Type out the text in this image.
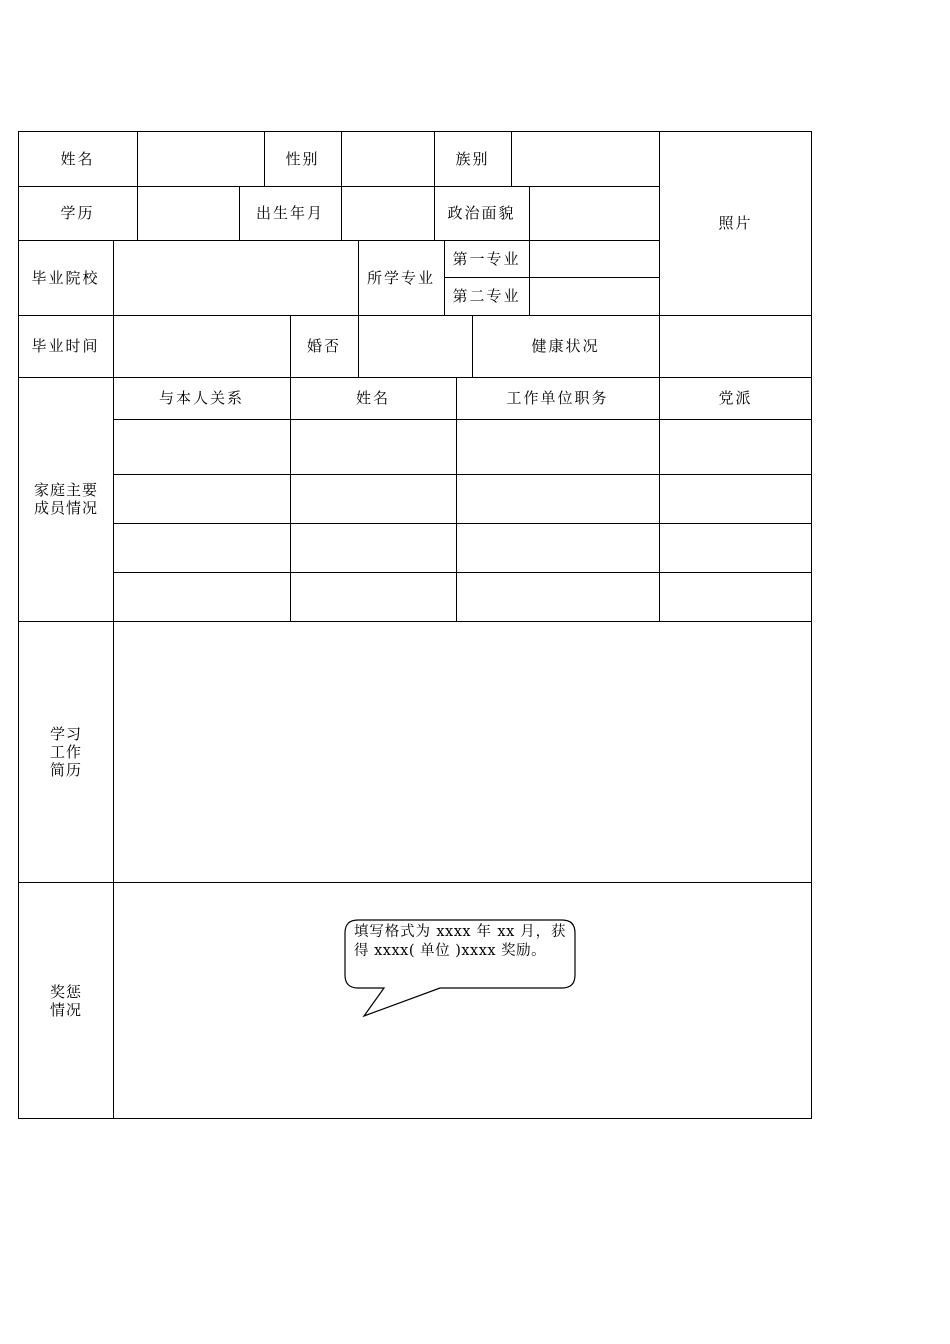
姓名	性别	族别
照片
学历	出生年月	政治面貌
毕业院校	所学专业
第一专业
第二专业
毕业时间	婚否	健康状况
家庭主要成员情况
与本人关系	姓名	工作单位职务	党派
学习工作简历
奖惩情况
填写格式为 xxxx 年 xx 月，获得 xxxx( 单位 )xxxx 奖励。
